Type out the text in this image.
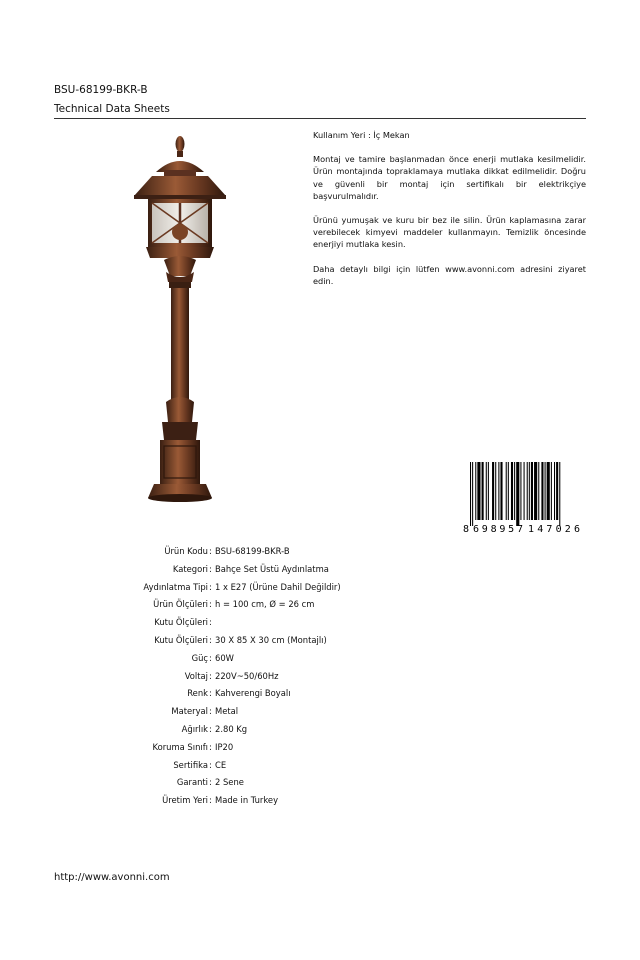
BSU-68199-BKR-B
Technical Data Sheets

Kullanım Yeri : İç Mekan

Montaj ve tamire başlanmadan önce enerji mutlaka kesilmelidir. Ürün montajında topraklamaya mutlaka dikkat edilmelidir. Doğru ve güvenli bir montaj için sertifikalı bir elektrikçiye başvurulmalıdır.

Ürünü yumuşak ve kuru bir bez ile silin. Ürün kaplamasına zarar verebilecek kimyevi maddeler kullanmayın. Temizlik öncesinde enerjiyi mutlaka kesin.

Daha detaylı bilgi için lütfen www.avonni.com adresini ziyaret edin.

8 698957 147026
Ürün Kodu : BSU-68199-BKR-B
Kategori : Bahçe Set Üstü Aydınlatma
Aydınlatma Tipi : 1 x E27 (Ürüne Dahil Değildir)
Ürün Ölçüleri : h = 100 cm, Ø = 26 cm
Kutu Ölçüleri :
Kutu Ölçüleri : 30 X 85 X 30 cm (Montajlı)
Güç : 60W
Voltaj : 220V~50/60Hz
Renk : Kahverengi Boyalı
Materyal : Metal
Ağırlık : 2.80 Kg
Koruma Sınıfı : IP20
Sertifika : CE
Garanti : 2 Sene
Üretim Yeri : Made in Turkey
http://www.avonni.com
